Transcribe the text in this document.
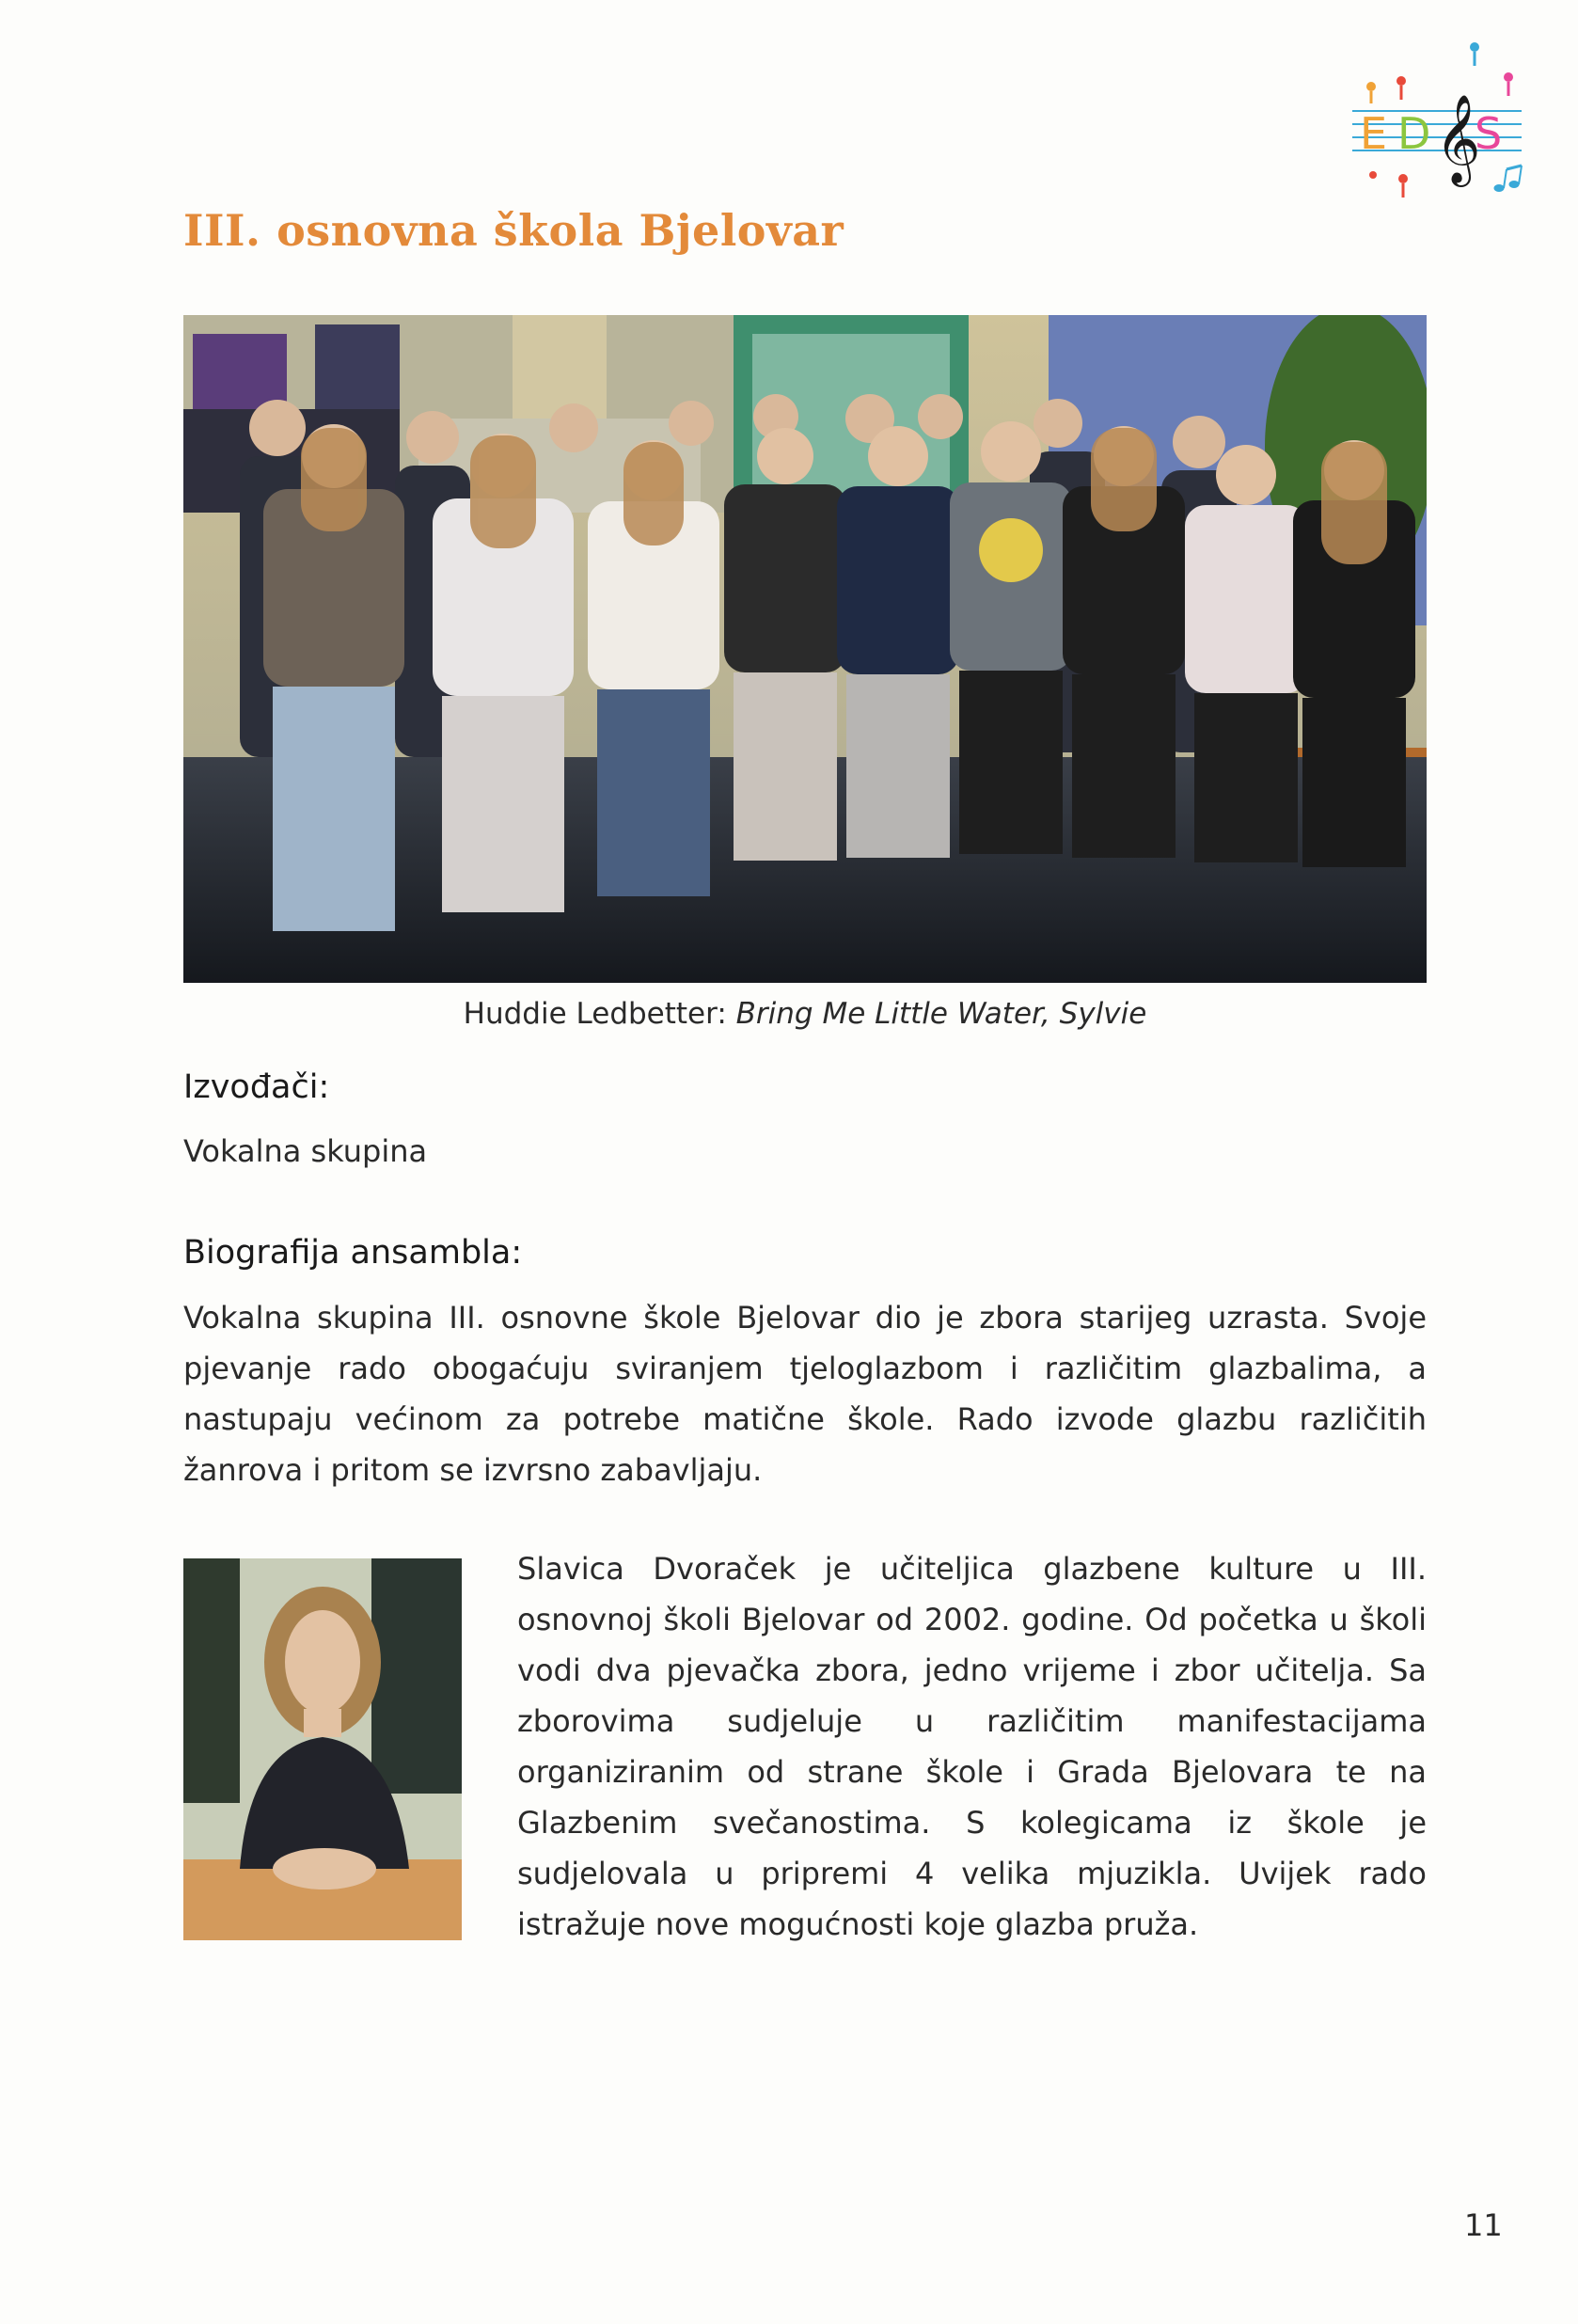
E D S
𝄞
III. osnovna škola Bjelovar
Huddie Ledbetter: Bring Me Little Water, Sylvie
Izvođači:
Vokalna skupina
Biografija ansambla:

Vokalna skupina III. osnovne škole Bjelovar dio je zbora starijeg uzrasta. Svoje pjevanje rado obogaćuju sviranjem tjeloglazbom i različitim glazbalima, a nastupaju većinom za potrebe matične škole. Rado izvode glazbu različitih žanrova i pritom se izvrsno zabavljaju.

Slavica Dvoraček je učiteljica glazbene kulture u III. osnovnoj školi Bjelovar od 2002. godine. Od početka u školi vodi dva pjevačka zbora, jedno vrijeme i zbor učitelja. Sa zborovima sudjeluje u različitim manifestacijama organiziranim od strane škole i Grada Bjelovara te na Glazbenim svečanostima. S kolegicama iz škole je sudjelovala u pripremi 4 velika mjuzikla. Uvijek rado istražuje nove mogućnosti koje glazba pruža.

11
